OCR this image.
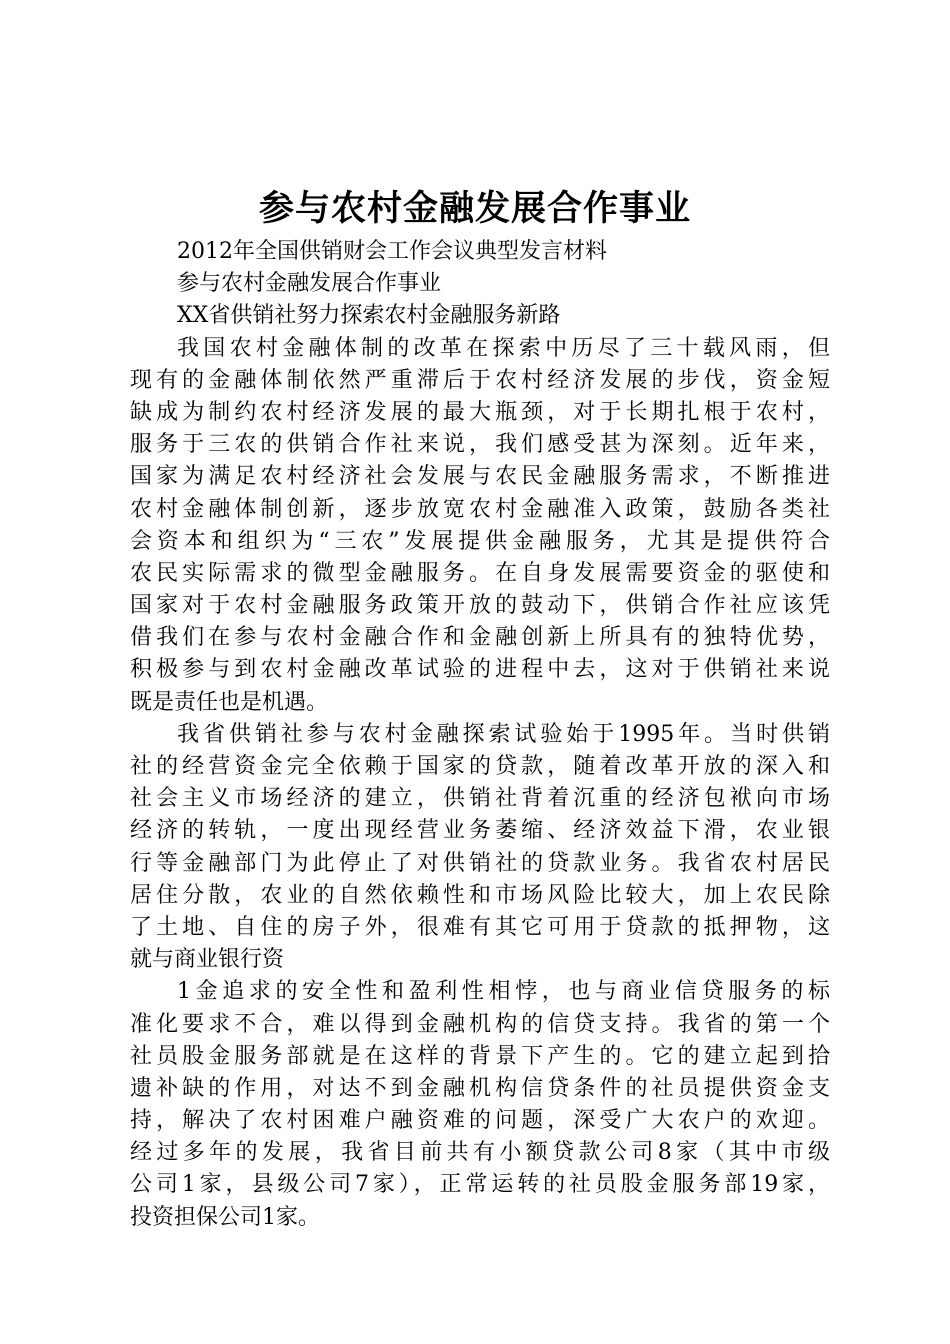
参与农村金融发展合作事业

2012年全国供销财会工作会议典型发言材料

参与农村金融发展合作事业

XX省供销社努力探索农村金融服务新路

我国农村金融体制的改革在探索中历尽了三十载风雨，但

现有的金融体制依然严重滞后于农村经济发展的步伐，资金短

缺成为制约农村经济发展的最大瓶颈，对于长期扎根于农村，

服务于三农的供销合作社来说，我们感受甚为深刻。近年来，

国家为满足农村经济社会发展与农民金融服务需求，不断推进

农村金融体制创新，逐步放宽农村金融准入政策，鼓励各类社

会资本和组织为“三农”发展提供金融服务，尤其是提供符合

农民实际需求的微型金融服务。在自身发展需要资金的驱使和

国家对于农村金融服务政策开放的鼓动下，供销合作社应该凭

借我们在参与农村金融合作和金融创新上所具有的独特优势，

积极参与到农村金融改革试验的进程中去，这对于供销社来说

既是责任也是机遇。

我省供销社参与农村金融探索试验始于1995年。当时供销

社的经营资金完全依赖于国家的贷款，随着改革开放的深入和

社会主义市场经济的建立，供销社背着沉重的经济包袱向市场

经济的转轨，一度出现经营业务萎缩、经济效益下滑，农业银

行等金融部门为此停止了对供销社的贷款业务。我省农村居民

居住分散，农业的自然依赖性和市场风险比较大，加上农民除

了土地、自住的房子外，很难有其它可用于贷款的抵押物，这

就与商业银行资

1金追求的安全性和盈利性相悖，也与商业信贷服务的标

准化要求不合，难以得到金融机构的信贷支持。我省的第一个

社员股金服务部就是在这样的背景下产生的。它的建立起到拾

遗补缺的作用，对达不到金融机构信贷条件的社员提供资金支

持，解决了农村困难户融资难的问题，深受广大农户的欢迎。

经过多年的发展，我省目前共有小额贷款公司8家（其中市级

公司1家，县级公司7家），正常运转的社员股金服务部19家，

投资担保公司1家。
